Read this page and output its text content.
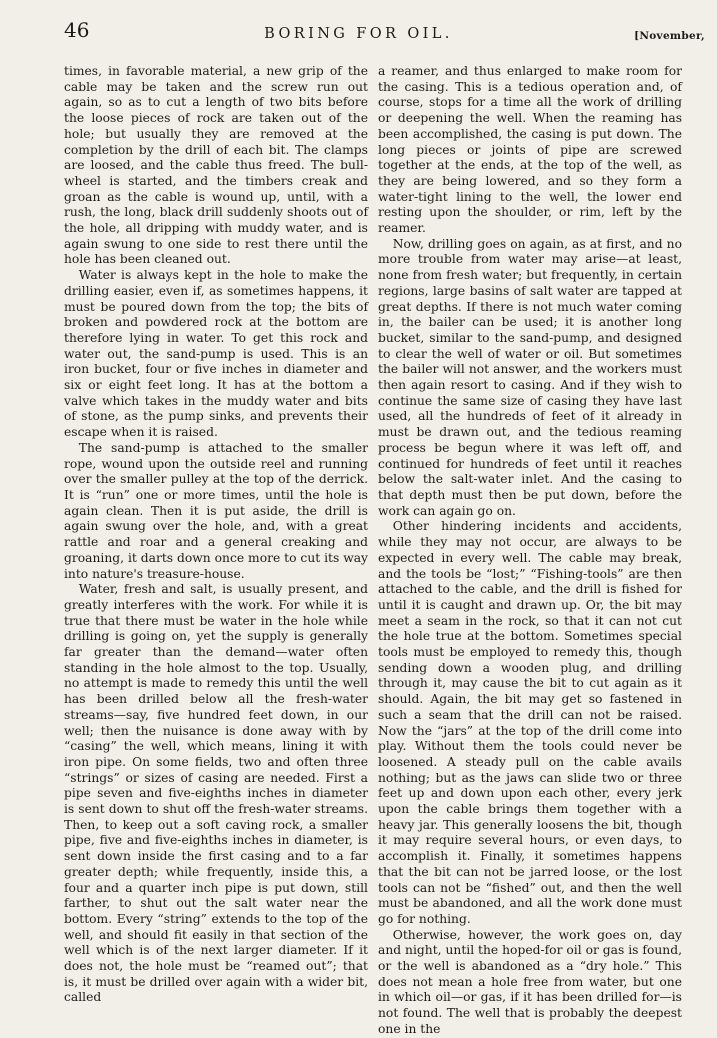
46	BORING FOR OIL.	[November,

times, in favorable material, a new grip of the cable may be taken and the screw run out again, so as to cut a length of two bits before the loose pieces of rock are taken out of the hole; but usually they are removed at the completion by the drill of each bit. The clamps are loosed, and the cable thus freed. The bull-wheel is started, and the timbers creak and groan as the cable is wound up, until, with a rush, the long, black drill suddenly shoots out of the hole, all dripping with muddy water, and is again swung to one side to rest there until the hole has been cleaned out.

Water is always kept in the hole to make the drilling easier, even if, as sometimes happens, it must be poured down from the top; the bits of broken and powdered rock at the bottom are therefore lying in water. To get this rock and water out, the sand-pump is used. This is an iron bucket, four or five inches in diameter and six or eight feet long. It has at the bottom a valve which takes in the muddy water and bits of stone, as the pump sinks, and prevents their escape when it is raised.

The sand-pump is attached to the smaller rope, wound upon the outside reel and running over the smaller pulley at the top of the derrick. It is “run” one or more times, until the hole is again clean. Then it is put aside, the drill is again swung over the hole, and, with a great rattle and roar and a general creaking and groaning, it darts down once more to cut its way into nature's treasure-house.

Water, fresh and salt, is usually present, and greatly interferes with the work. For while it is true that there must be water in the hole while drilling is going on, yet the supply is generally far greater than the demand—water often standing in the hole almost to the top. Usually, no attempt is made to remedy this until the well has been drilled below all the fresh-water streams—say, five hundred feet down, in our well; then the nuisance is done away with by “casing” the well, which means, lining it with iron pipe. On some fields, two and often three “strings” or sizes of casing are needed. First a pipe seven and five-eighths inches in diameter is sent down to shut off the fresh-water streams. Then, to keep out a soft caving rock, a smaller pipe, five and five-eighths inches in diameter, is sent down inside the first casing and to a far greater depth; while frequently, inside this, a four and a quarter inch pipe is put down, still farther, to shut out the salt water near the bottom. Every “string” extends to the top of the well, and should fit easily in that section of the well which is of the next larger diameter. If it does not, the hole must be “reamed out”; that is, it must be drilled over again with a wider bit, called

a reamer, and thus enlarged to make room for the casing. This is a tedious operation and, of course, stops for a time all the work of drilling or deepening the well. When the reaming has been accomplished, the casing is put down. The long pieces or joints of pipe are screwed together at the ends, at the top of the well, as they are being lowered, and so they form a water-tight lining to the well, the lower end resting upon the shoulder, or rim, left by the reamer.

Now, drilling goes on again, as at first, and no more trouble from water may arise—at least, none from fresh water; but frequently, in certain regions, large basins of salt water are tapped at great depths. If there is not much water coming in, the bailer can be used; it is another long bucket, similar to the sand-pump, and designed to clear the well of water or oil. But sometimes the bailer will not answer, and the workers must then again resort to casing. And if they wish to continue the same size of casing they have last used, all the hundreds of feet of it already in must be drawn out, and the tedious reaming process be begun where it was left off, and continued for hundreds of feet until it reaches below the salt-water inlet. And the casing to that depth must then be put down, before the work can again go on.

Other hindering incidents and accidents, while they may not occur, are always to be expected in every well. The cable may break, and the tools be “lost;” “Fishing-tools” are then attached to the cable, and the drill is fished for until it is caught and drawn up. Or, the bit may meet a seam in the rock, so that it can not cut the hole true at the bottom. Sometimes special tools must be employed to remedy this, though sending down a wooden plug, and drilling through it, may cause the bit to cut again as it should. Again, the bit may get so fastened in such a seam that the drill can not be raised. Now the “jars” at the top of the drill come into play. Without them the tools could never be loosened. A steady pull on the cable avails nothing; but as the jaws can slide two or three feet up and down upon each other, every jerk upon the cable brings them together with a heavy jar. This generally loosens the bit, though it may require several hours, or even days, to accomplish it. Finally, it sometimes happens that the bit can not be jarred loose, or the lost tools can not be “fished” out, and then the well must be abandoned, and all the work done must go for nothing.

Otherwise, however, the work goes on, day and night, until the hoped-for oil or gas is found, or the well is abandoned as a “dry hole.” This does not mean a hole free from water, but one in which oil—or gas, if it has been drilled for—is not found. The well that is probably the deepest one in the
